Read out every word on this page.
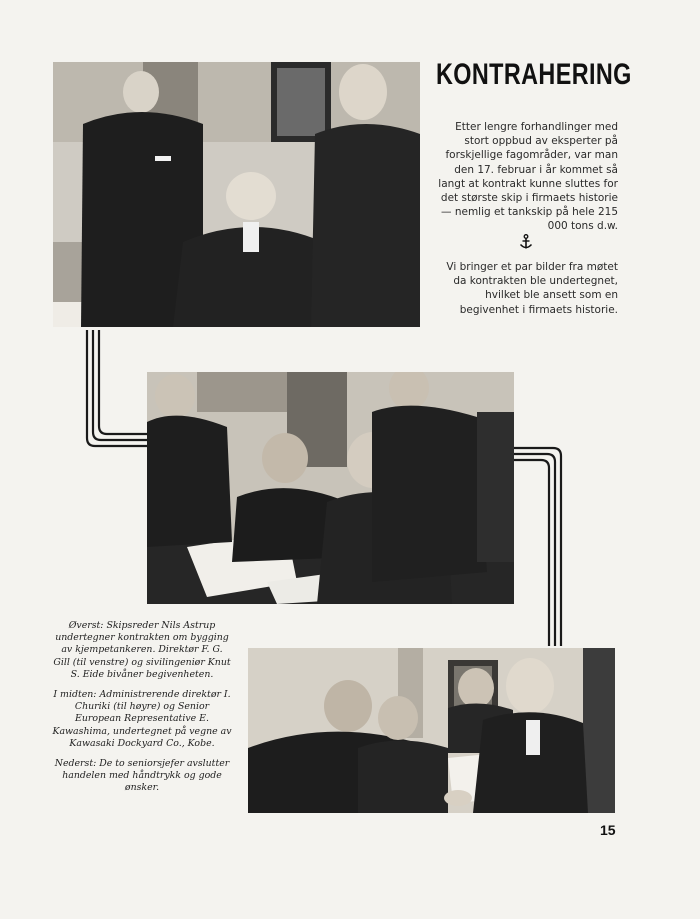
KONTRAHERING
Etter lengre forhandlinger med stort oppbud av eksperter på forskjellige fagområder, var man den 17. februar i år kommet så langt at kontrakt kunne sluttes for det største skip i firmaets historie — nemlig et tankskip på hele 215 000 tons d.w.
Vi bringer et par bilder fra møtet da kontrakten ble undertegnet, hvilket ble ansett som en begivenhet i firmaets historie.

Øverst: Skipsreder Nils Astrup undertegner kontrakten om bygging av kjempetankeren. Direktør F. G. Gill (til venstre) og sivilingeniør Knut S. Eide bivåner begivenheten.

I midten: Administrerende direktør I. Churiki (til høyre) og Senior European Representative E. Kawashima, undertegnet på vegne av Kawasaki Dockyard Co., Kobe.

Nederst: De to seniorsjefer avslutter handelen med håndtrykk og gode ønsker.

15
